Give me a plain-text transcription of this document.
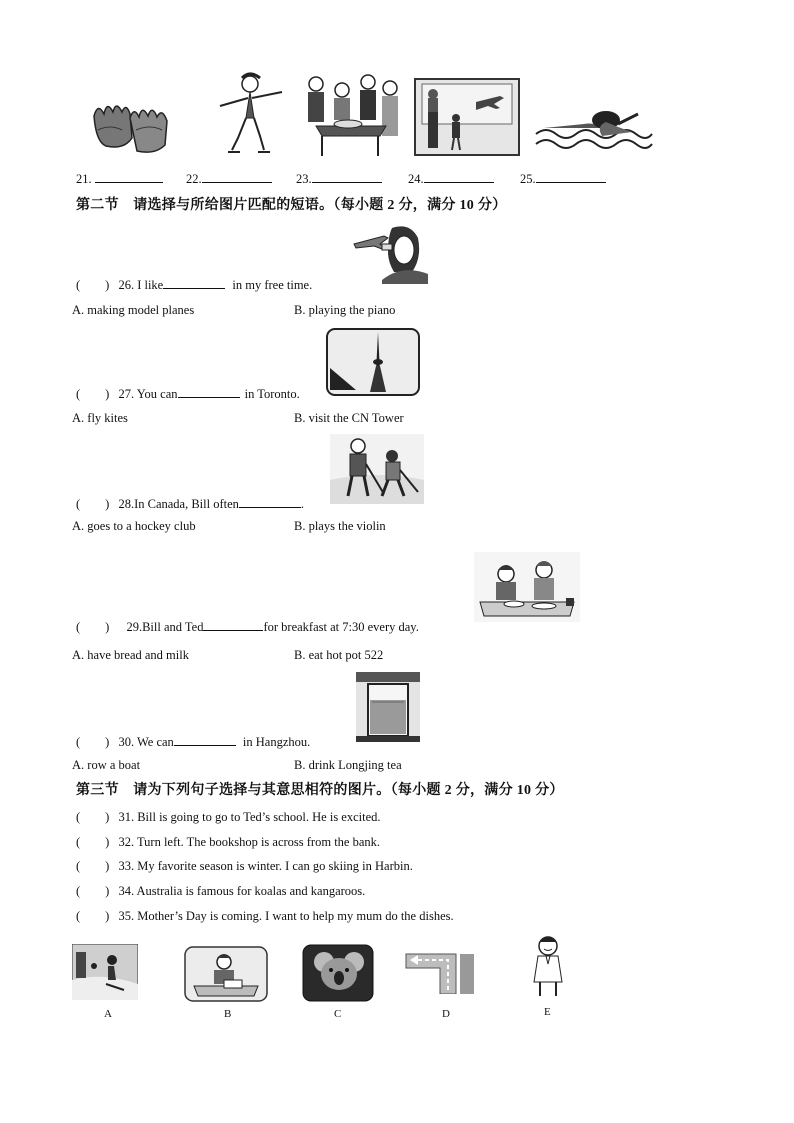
21.	22.	23.	24.	25.
第二节　请选择与所给图片匹配的短语。（每小题 2 分，满分 10 分）
(　　) 26. I like	in my free time.
A. making model planes	B. playing the piano
(　　) 27. You can	in Toronto.
A. fly kites	B. visit the CN Tower
(　　) 28.In Canada, Bill often	.
A. goes to a hockey club	B. plays the violin
(　　) 29.Bill and Ted	for breakfast at 7:30 every day.
A. have bread and milk	B. eat hot pot 522
(　　) 30. We can	in Hangzhou.
A. row a boat	B. drink Longjing tea
第三节　请为下列句子选择与其意思相符的图片。（每小题 2 分，满分 10 分）
(　　) 31. Bill is going to go to Ted’s school. He is excited.
(　　) 32. Turn left. The bookshop is across from the bank.
(　　) 33. My favorite season is winter. I can go skiing in Harbin.
(　　) 34. Australia is famous for koalas and kangaroos.
(　　) 35. Mother’s Day is coming. I want to help my mum do the dishes.
A	B	C	D	E
